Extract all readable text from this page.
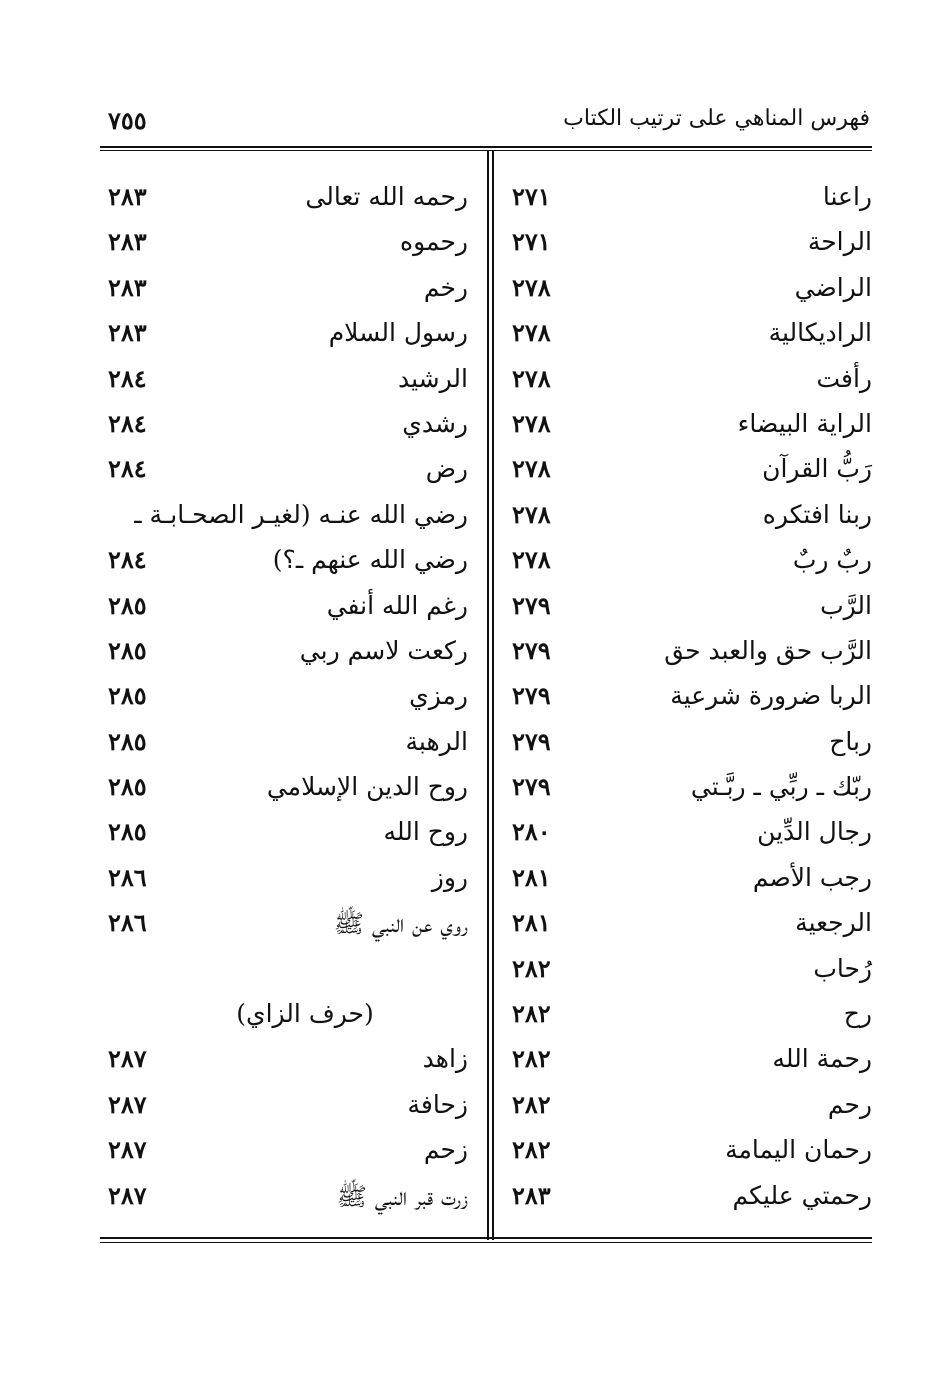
فهرس المناهي على ترتيب الكتاب
٧٥٥
راعنا
٢٧١
الراحة
٢٧١
الراضي
٢٧٨
الراديكالية
٢٧٨
رأفت
٢٧٨
الراية البيضاء
٢٧٨
رَبُّ القرآن
٢٧٨
ربنا افتكره
٢٧٨
ربٌ ربٌ
٢٧٨
الرَّب
٢٧٩
الرَّب حق والعبد حق
٢٧٩
الربا ضرورة شرعية
٢٧٩
رباح
٢٧٩
ربّك ـ ربِّي ـ ربَّـتي
٢٧٩
رجال الدِّين
٢٨٠
رجب الأصم
٢٨١
الرجعية
٢٨١
رُحاب
٢٨٢
رح
٢٨٢
رحمة الله
٢٨٢
رحم
٢٨٢
رحمان اليمامة
٢٨٢
رحمتي عليكم
٢٨٣
رحمه الله تعالى
٢٨٣
رحموه
٢٨٣
رخم
٢٨٣
رسول السلام
٢٨٣
الرشيد
٢٨٤
رشدي
٢٨٤
رض
٢٨٤
رضي الله عنـه (لغيـر الصحـابـة ـ
رضي الله عنهم ـ؟)
٢٨٤
رغم الله أنفي
٢٨٥
ركعت لاسم ربي
٢٨٥
رمزي
٢٨٥
الرهبة
٢٨٥
روح الدين الإسلامي
٢٨٥
روح الله
٢٨٥
روز
٢٨٦
روي عن النبي ﷺ
٢٨٦
(حرف الزاي)
زاهد
٢٨٧
زحافة
٢٨٧
زحم
٢٨٧
زرت قبر النبي ﷺ
٢٨٧
